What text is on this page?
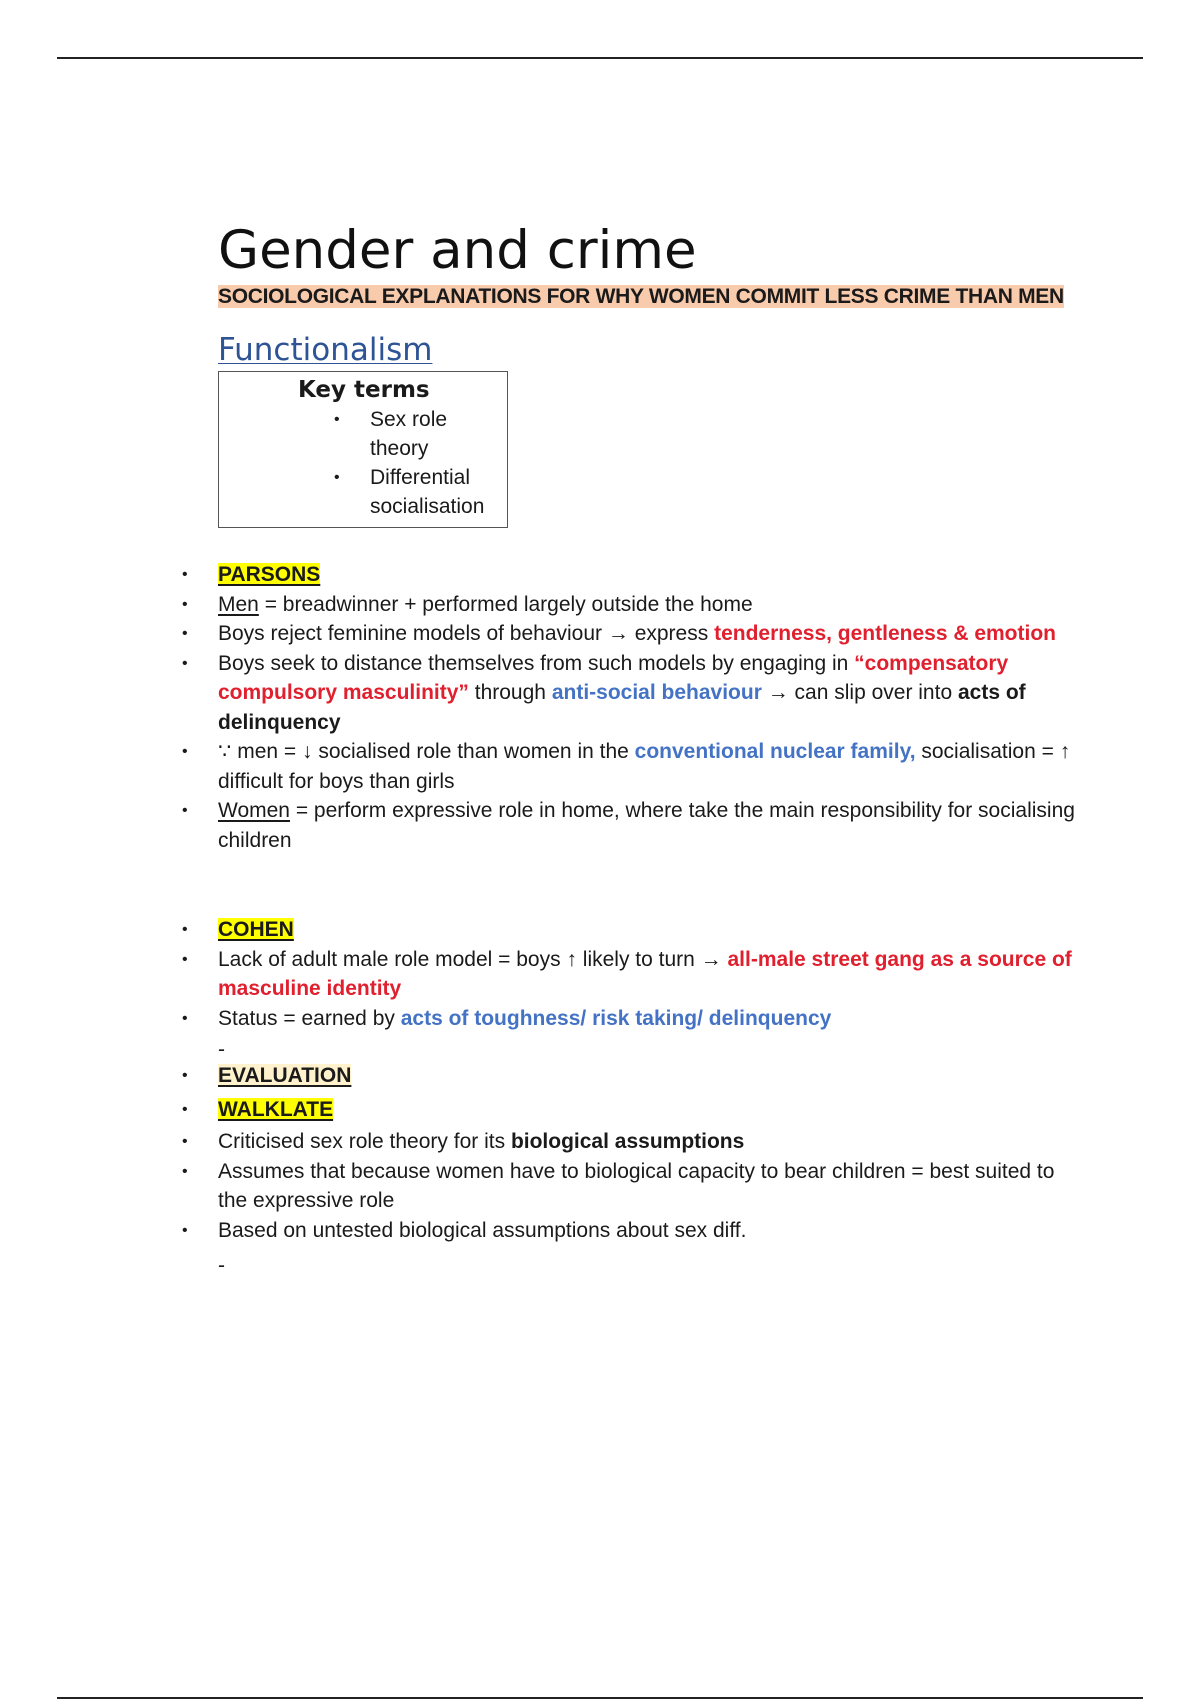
Gender and crime

SOCIOLOGICAL EXPLANATIONS FOR WHY WOMEN COMMIT LESS CRIME THAN MEN

Functionalism
Key terms
• Sex role theory
• Differential socialisation
• PARSONS
• Men = breadwinner + performed largely outside the home
• Boys reject feminine models of behaviour → express tenderness, gentleness & emotion
• Boys seek to distance themselves from such models by engaging in “compensatory compulsory masculinity” through anti-social behaviour → can slip over into acts of delinquency
• ∵ men = ↓ socialised role than women in the conventional nuclear family, socialisation = ↑ difficult for boys than girls
• Women = perform expressive role in home, where take the main responsibility for socialising children
• COHEN
• Lack of adult male role model = boys ↑ likely to turn → all-male street gang as a source of masculine identity
• Status = earned by acts of toughness/ risk taking/ delinquency
-
• EVALUATION
• WALKLATE
• Criticised sex role theory for its biological assumptions
• Assumes that because women have to biological capacity to bear children = best suited to the expressive role
• Based on untested biological assumptions about sex diff.
-
